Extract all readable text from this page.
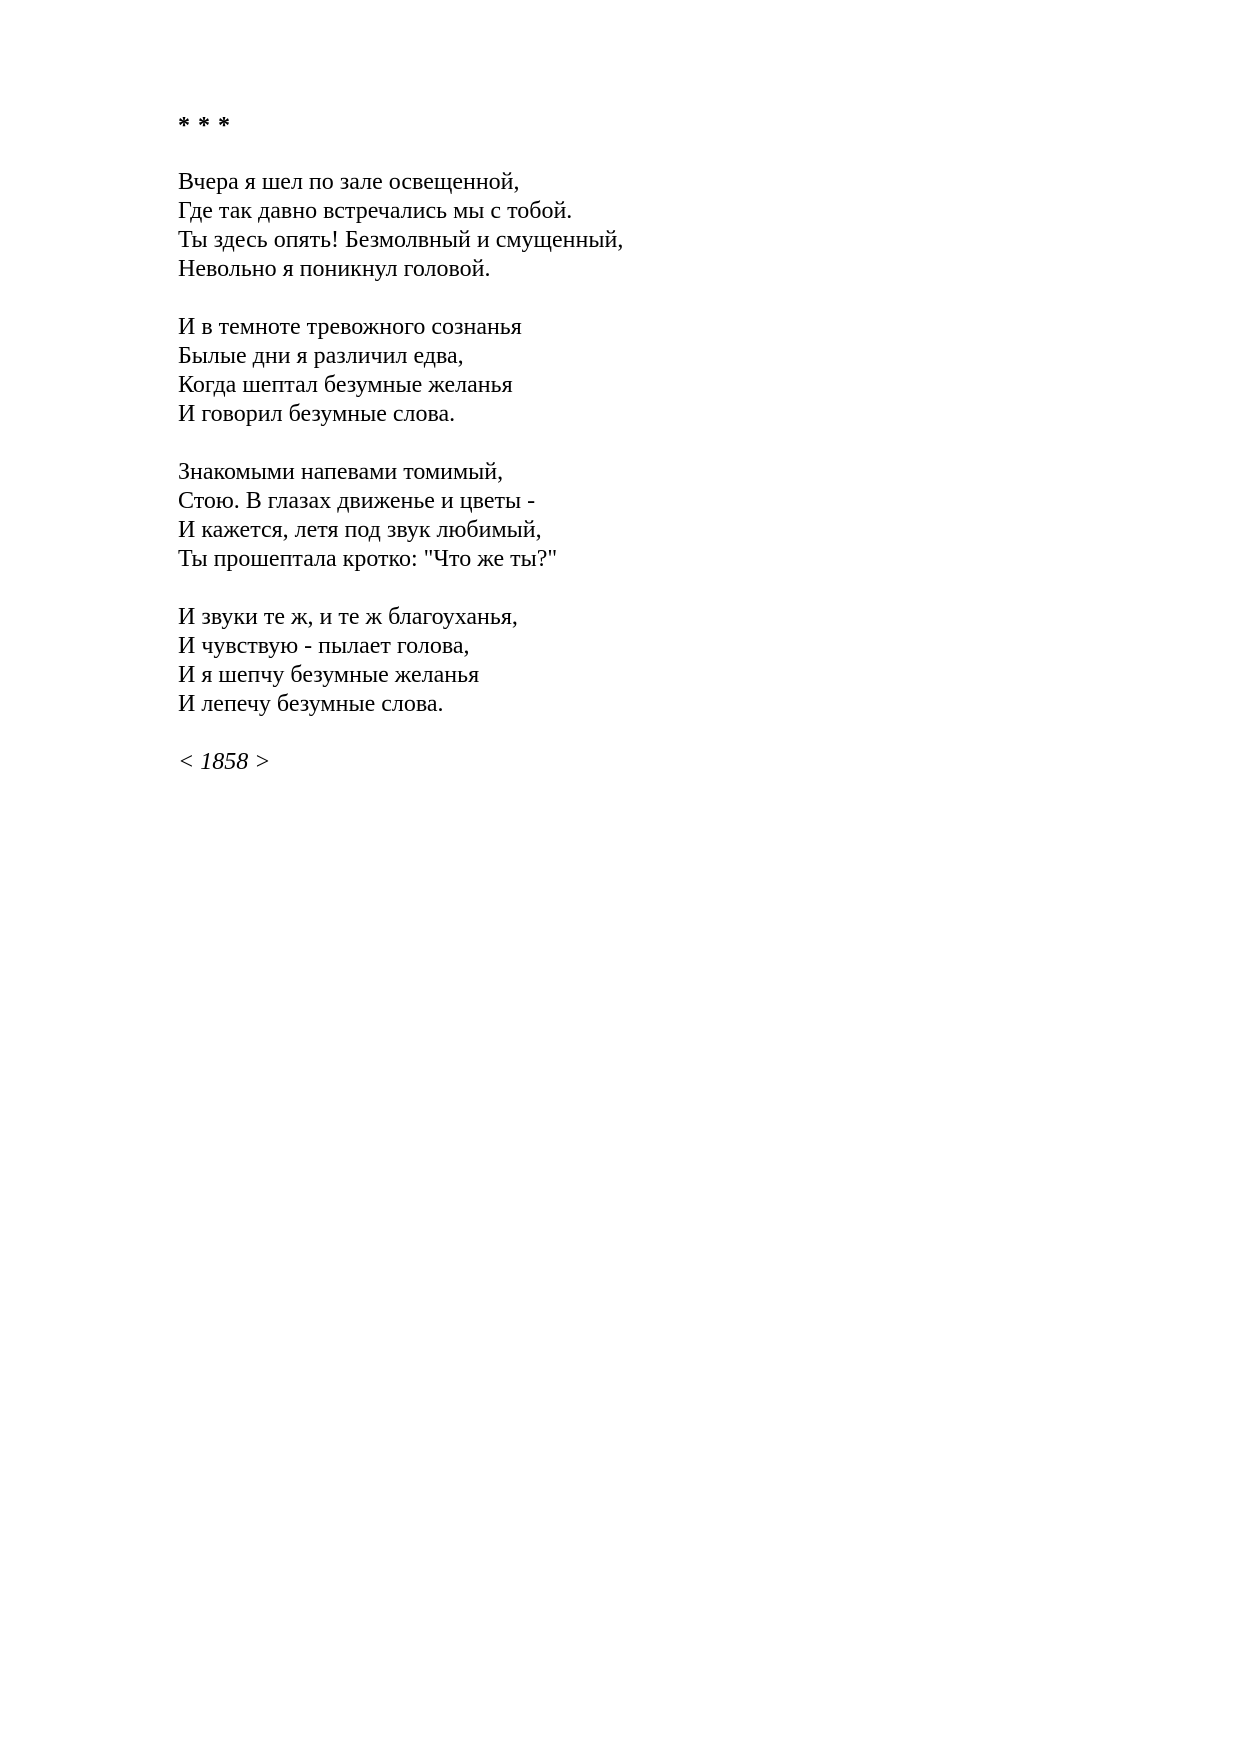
* * *
Вчера я шел по зале освещенной,
Где так давно встречались мы с тобой.
Ты здесь опять! Безмолвный и смущенный,
Невольно я поникнул головой.
И в темноте тревожного сознанья
Былые дни я различил едва,
Когда шептал безумные желанья
И говорил безумные слова.
Знакомыми напевами томимый,
Стою. В глазах движенье и цветы -
И кажется, летя под звук любимый,
Ты прошептала кротко: "Что же ты?"
И звуки те ж, и те ж благоуханья,
И чувствую - пылает голова,
И я шепчу безумные желанья
И лепечу безумные слова.
< 1858 >
